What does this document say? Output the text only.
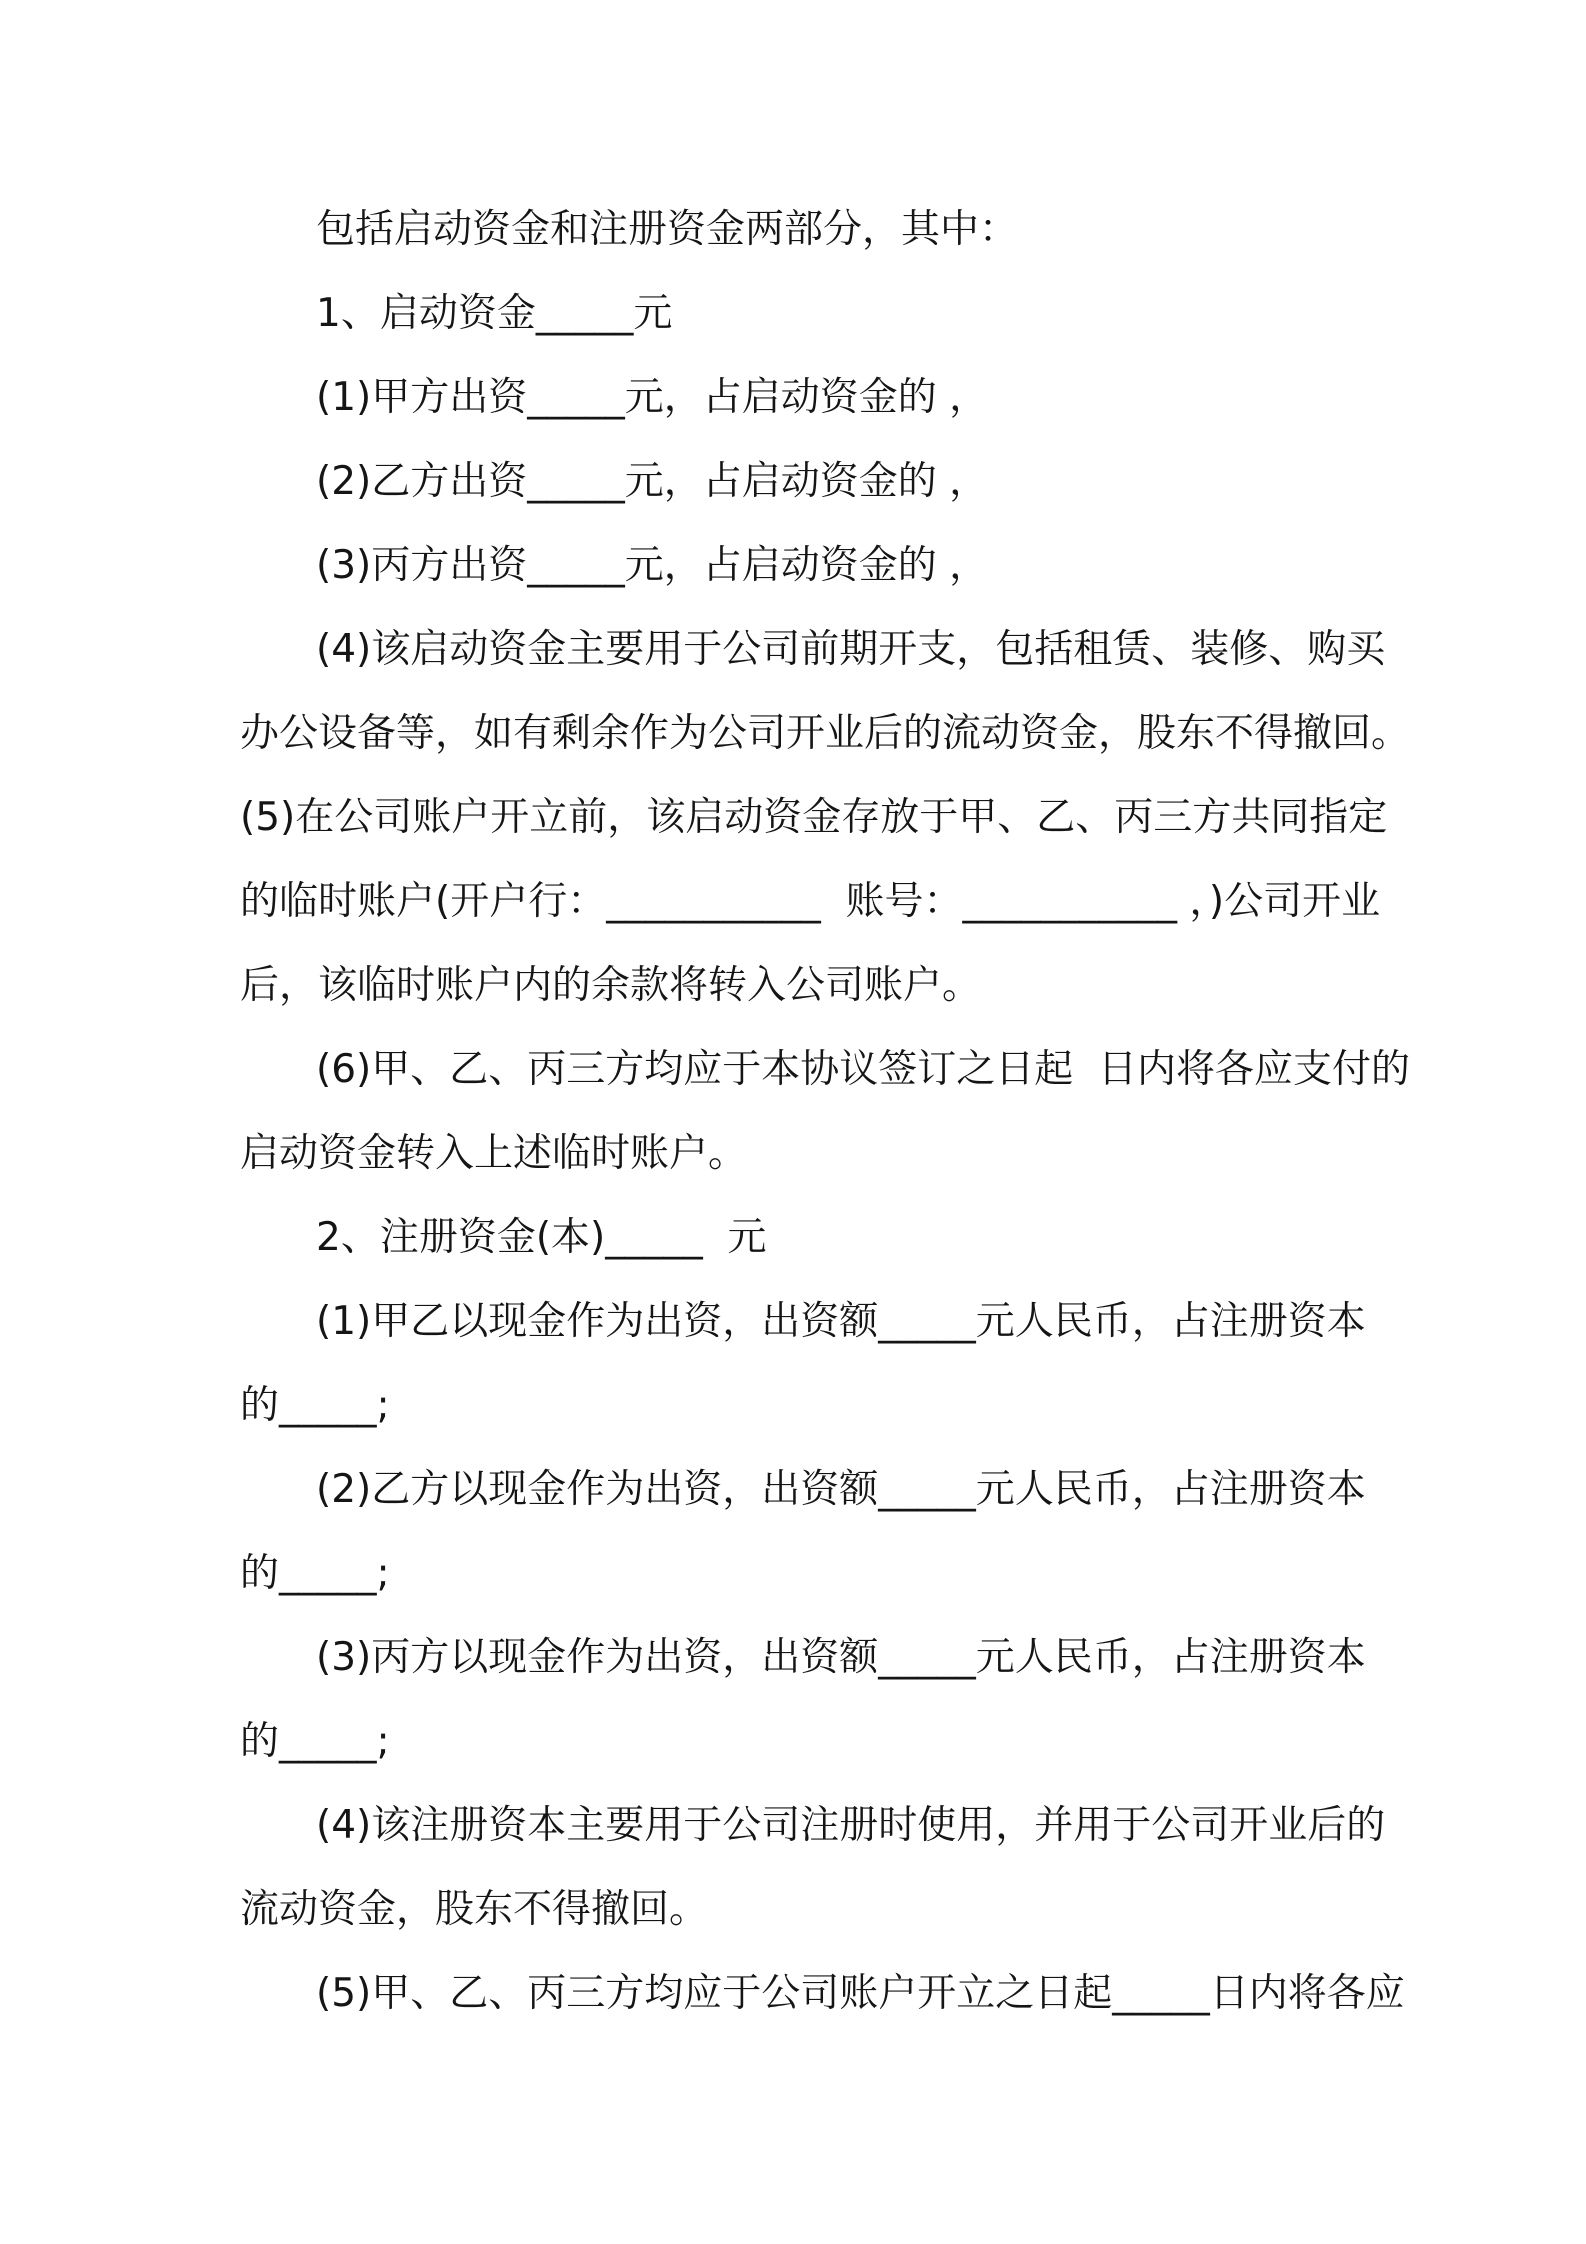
包括启动资金和注册资金两部分，其中：
1、启动资金_____元
(1)甲方出资_____元，占启动资金的 ，
(2)乙方出资_____元，占启动资金的 ，
(3)丙方出资_____元，占启动资金的 ，
(4)该启动资金主要用于公司前期开支，包括租赁、装修、购买
办公设备等，如有剩余作为公司开业后的流动资金，股东不得撤回。
(5)在公司账户开立前，该启动资金存放于甲、乙、丙三方共同指定
的临时账户(开户行：___________  账号：___________ ，)公司开业
后，该临时账户内的余款将转入公司账户。
(6)甲、乙、丙三方均应于本协议签订之日起  日内将各应支付的
启动资金转入上述临时账户。
2、注册资金(本)_____  元
(1)甲乙以现金作为出资，出资额_____元人民币，占注册资本
的_____;
(2)乙方以现金作为出资，出资额_____元人民币，占注册资本
的_____;
(3)丙方以现金作为出资，出资额_____元人民币，占注册资本
的_____;
(4)该注册资本主要用于公司注册时使用，并用于公司开业后的
流动资金，股东不得撤回。
(5)甲、乙、丙三方均应于公司账户开立之日起_____日内将各应
